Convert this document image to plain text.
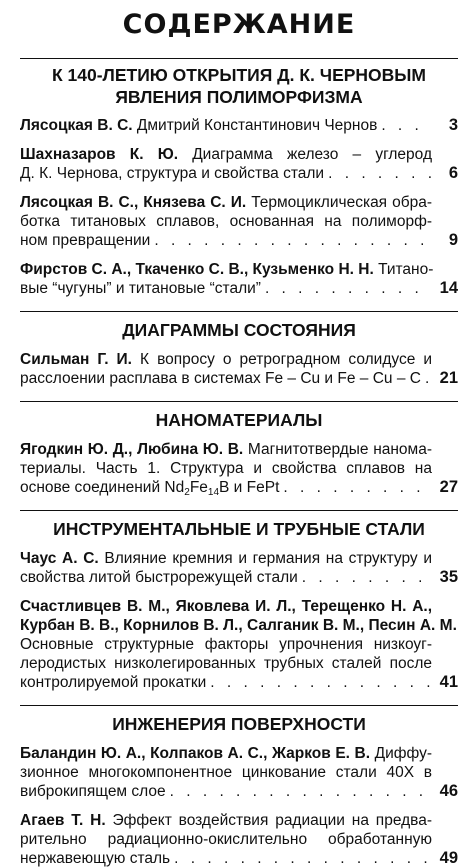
СОДЕРЖАНИЕ
К 140-ЛЕТИЮ ОТКРЫТИЯ Д. К. ЧЕРНОВЫМ
ЯВЛЕНИЯ ПОЛИМОРФИЗМА
Лясоцкая В. С. Дмитрий Константинович Чернов . . .	3
Шахназаров К. Ю. Диаграмма железо – углерод
Д. К. Чернова, структура и свойства стали . . .	6
Лясоцкая В. С., Князева С. И. Термоциклическая обра-
ботка титановых сплавов, основанная на полиморф-
ном превращении . . .	9
Фирстов С. А., Ткаченко С. В., Кузьменко Н. Н. Титано-
вые “чугуны” и титановые “стали” . . .	14
ДИАГРАММЫ СОСТОЯНИЯ
Сильман Г. И. К вопросу о ретроградном солидусе и
расслоении расплава в системах Fe – Cu и Fe – Cu – C . . . 21
НАНОМАТЕРИАЛЫ
Ягодкин Ю. Д., Любина Ю. В. Магнитотвердые нанома-
териалы. Часть 1. Структура и свойства сплавов на
основе соединений $Nd_2Fe_{14}B$ и FePt . . .	27
ИНСТРУМЕНТАЛЬНЫЕ И ТРУБНЫЕ СТАЛИ
Чаус А. С. Влияние кремния и германия на структуру и
свойства литой быстрорежущей стали . . .	35
Счастливцев В. М., Яковлева И. Л., Терещенко Н. А.,
Курбан В. В., Корнилов В. Л., Салганик В. М., Песин А. М.
Основные структурные факторы упрочнения низкоуг-
леродистых низколегированных трубных сталей после
контролируемой прокатки . . .	41
ИНЖЕНЕРИЯ ПОВЕРХНОСТИ
Баландин Ю. А., Колпаков А. С., Жарков Е. В. Диффу-
зионное многокомпонентное цинкование стали 40Х в
виброкипящем слое . . .	46
Агаев Т. Н. Эффект воздействия радиации на предва-
рительно радиационно-окислительно обработанную
нержавеющую сталь . . .	49
